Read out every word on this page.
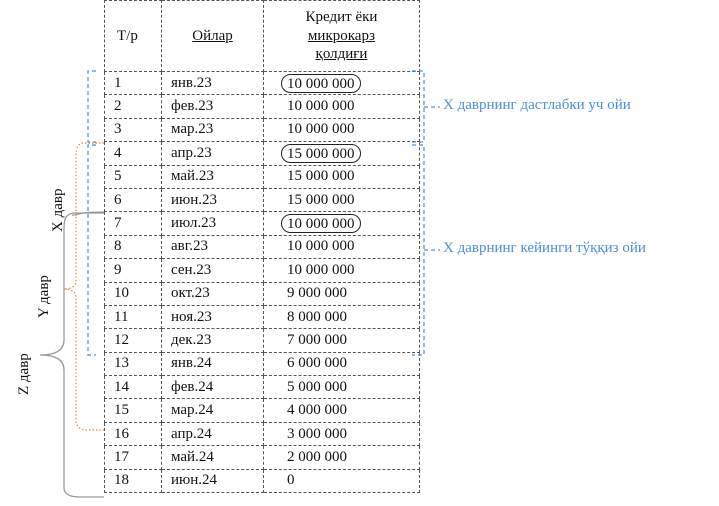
Т/р	Ойлар	Кредит ёки
микрокарз
қолдиғи

1	янв.23	10 000 000
2	фев.23	10 000 000
3	мар.23	10 000 000
4	апр.23	15 000 000
5	май.23	15 000 000
6	июн.23	15 000 000
7	июл.23	10 000 000
8	авг.23	10 000 000
9	сен.23	10 000 000
10	окт.23	9 000 000
11	ноя.23	8 000 000
12	дек.23	7 000 000
13	янв.24	6 000 000
14	фев.24	5 000 000
15	мар.24	4 000 000
16	апр.24	3 000 000
17	май.24	2 000 000
18	июн.24	0
X даврнинг дастлабки уч ойи
X даврнинг кейинги тўққиз ойи
X давр
Y давр
Z давр
